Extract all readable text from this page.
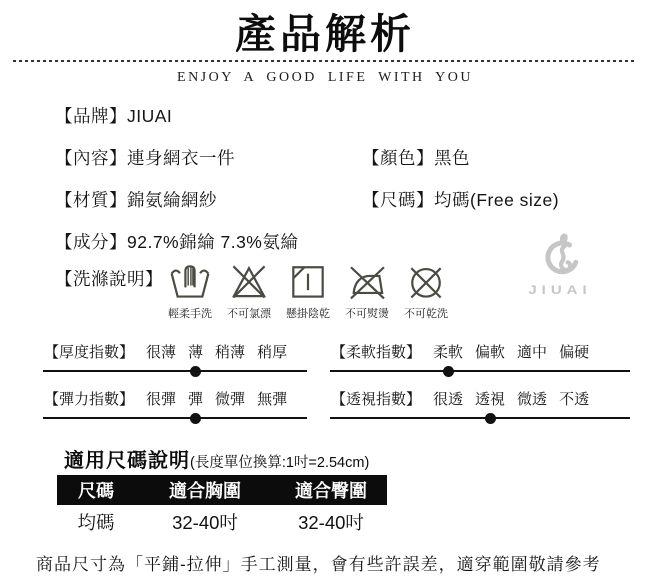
產品解析
ENJOY A GOOD LIFE WITH YOU
【品牌】JIUAI
【內容】連身網衣一件	【顏色】黑色
【材質】錦氨綸網紗	【尺碼】均碼(Free size)
【成分】92.7%錦綸 7.3%氨綸
【洗滌說明】
輕柔手洗 不可氯漂 懸掛陰乾 不可熨燙 不可乾洗
JIUAI
【厚度指數】 很薄 薄 稍薄 稍厚	【柔軟指數】 柔軟 偏軟 適中 偏硬
【彈力指數】 很彈 彈 微彈 無彈	【透視指數】 很透 透視 微透 不透
適用尺碼說明(長度單位換算:1吋=2.54cm)
尺碼	適合胸圍	適合臀圍
均碼	32-40吋	32-40吋
商品尺寸為「平鋪-拉伸」手工測量，會有些許誤差，適穿範圍敬請參考
